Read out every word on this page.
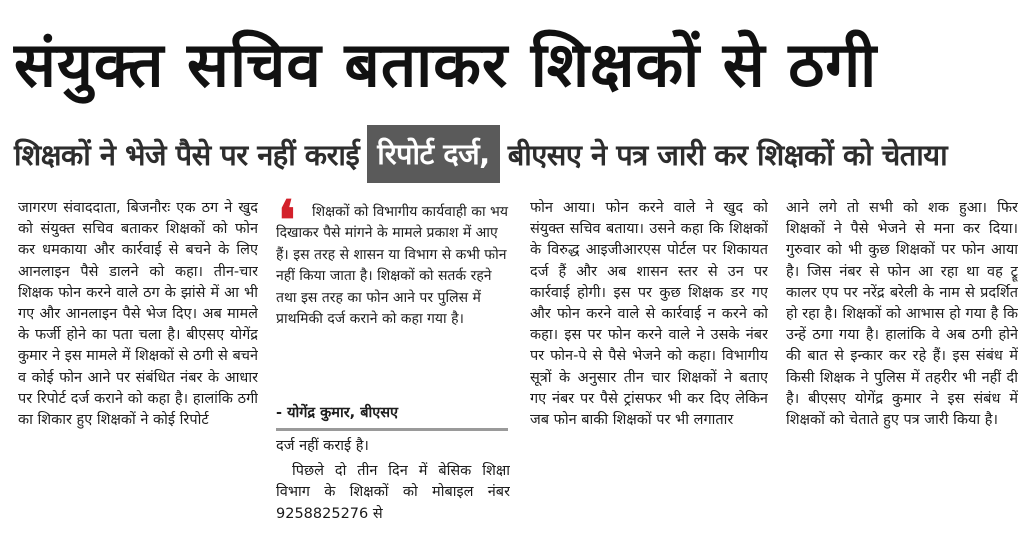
संयुक्त सचिव बताकर शिक्षकों से ठगी
शिक्षकों ने भेजे पैसे पर नहीं कराई रिपोर्ट दर्ज, बीएसए ने पत्र जारी कर शिक्षकों को चेताया

जागरण संवाददाता, बिजनौरः एक ठग ने खुद को संयुक्त सचिव बताकर शिक्षकों को फोन कर धमकाया और कार्रवाई से बचने के लिए आनलाइन पैसे डालने को कहा। तीन-चार शिक्षक फोन करने वाले ठग के झांसे में आ भी गए और आनलाइन पैसे भेज दिए। अब मामले के फर्जी होने का पता चला है। बीएसए योगेंद्र कुमार ने इस मामले में शिक्षकों से ठगी से बचने व कोई फोन आने पर संबंधित नंबर के आधार पर रिपोर्ट दर्ज कराने को कहा है। हालांकि ठगी का शिकार हुए शिक्षकों ने कोई रिपोर्ट

❛	शिक्षकों को विभागीय कार्यवाही का भय दिखाकर पैसे मांगने के मामले प्रकाश में आए हैं। इस तरह से शासन या विभाग से कभी फोन नहीं किया जाता है। शिक्षकों को सतर्क रहने तथा इस तरह का फोन आने पर पुलिस में प्राथमिकी दर्ज कराने को कहा गया है।
- योगेंद्र कुमार, बीएसए

दर्ज नहीं कराई है।

पिछले दो तीन दिन में बेसिक शिक्षा विभाग के शिक्षकों को मोबाइल नंबर 9258825276 से

फोन आया। फोन करने वाले ने खुद को संयुक्त सचिव बताया। उसने कहा कि शिक्षकों के विरुद्ध आइजीआरएस पोर्टल पर शिकायत दर्ज हैं और अब शासन स्तर से उन पर कार्रवाई होगी। इस पर कुछ शिक्षक डर गए और फोन करने वाले से कार्रवाई न करने को कहा। इस पर फोन करने वाले ने उसके नंबर पर फोन-पे से पैसे भेजने को कहा। विभागीय सूत्रों के अनुसार तीन चार शिक्षकों ने बताए गए नंबर पर पैसे ट्रांसफर भी कर दिए लेकिन जब फोन बाकी शिक्षकों पर भी लगातार

आने लगे तो सभी को शक हुआ। फिर शिक्षकों ने पैसे भेजने से मना कर दिया। गुरुवार को भी कुछ शिक्षकों पर फोन आया है। जिस नंबर से फोन आ रहा था वह ट्रू कालर एप पर नरेंद्र बरेली के नाम से प्रदर्शित हो रहा है। शिक्षकों को आभास हो गया है कि उन्हें ठगा गया है। हालांकि वे अब ठगी होने की बात से इन्कार कर रहे हैं। इस संबंध में किसी शिक्षक ने पुलिस में तहरीर भी नहीं दी है। बीएसए योगेंद्र कुमार ने इस संबंध में शिक्षकों को चेताते हुए पत्र जारी किया है।
